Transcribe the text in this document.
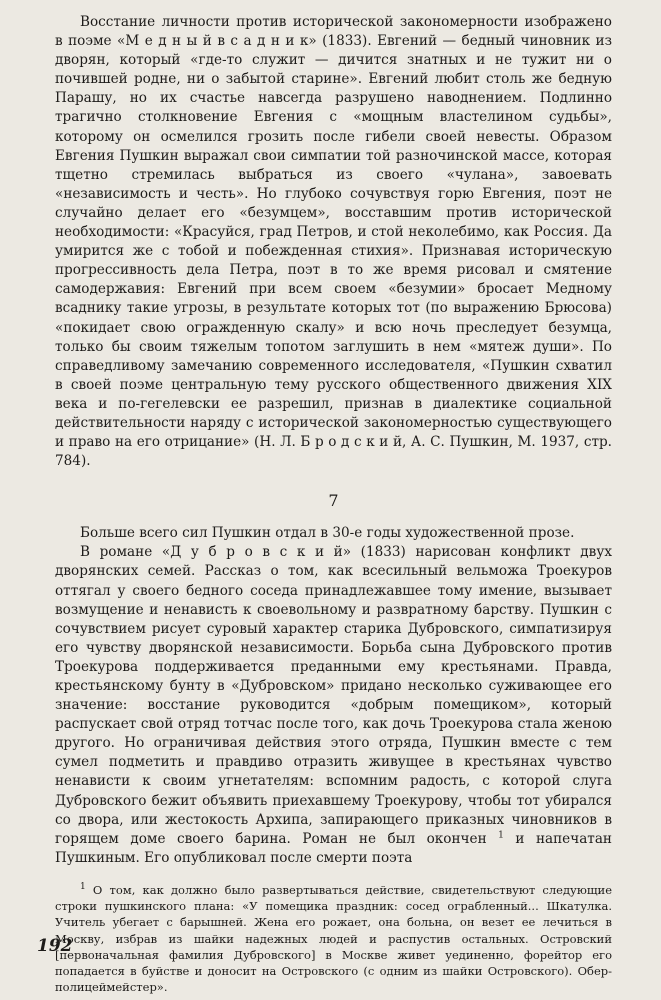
Восстание личности против исторической закономерности изображено в поэме «М е д н ы й в с а д н и к» (1833). Евгений — бедный чиновник из дворян, который «где-то служит — дичится знатных и не тужит ни о почившей родне, ни о забытой старине». Евгений любит столь же бедную Парашу, но их счастье навсегда разрушено наводнением. Подлинно трагично столкновение Евгения с «мощным властелином судьбы», которому он осмелился грозить после гибели своей невесты. Образом Евгения Пушкин выражал свои симпатии той разночинской массе, которая тщетно стремилась выбраться из своего «чулана», завоевать «независимость и честь». Но глубоко сочувствуя горю Евгения, поэт не случайно делает его «безумцем», восставшим против исторической необходимости: «Красуйся, град Петров, и стой неколебимо, как Россия. Да умирится же с тобой и побежденная стихия». Признавая историческую прогрессивность дела Петра, поэт в то же время рисовал и смятение самодержавия: Евгений при всем своем «безумии» бросает Медному всаднику такие угрозы, в результате которых тот (по выражению Брюсова) «покидает свою огражденную скалу» и всю ночь преследует безумца, только бы своим тяжелым топотом заглушить в нем «мятеж души». По справедливому замечанию современного исследователя, «Пушкин схватил в своей поэме центральную тему русского общественного движения XIX века и по-гегелевски ее разрешил, признав в диалектике социальной действительности наряду с исторической закономерностью существующего и право на его отрицание» (Н. Л. Б р о д с к и й, А. С. Пушкин, М. 1937, стр. 784).

7

Больше всего сил Пушкин отдал в 30-е годы художественной прозе.

В романе «Д у б р о в с к и й» (1833) нарисован конфликт двух дворянских семей. Рассказ о том, как всесильный вельможа Троекуров оттягал у своего бедного соседа принадлежавшее тому имение, вызывает возмущение и ненависть к своевольному и развратному барству. Пушкин с сочувствием рисует суровый характер старика Дубровского, симпатизируя его чувству дворянской независимости. Борьба сына Дубровского против Троекурова поддерживается преданными ему крестьянами. Правда, крестьянскому бунту в «Дубровском» придано несколько суживающее его значение: восстание руководится «добрым помещиком», который распускает свой отряд тотчас после того, как дочь Троекурова стала женою другого. Но ограничивая действия этого отряда, Пушкин вместе с тем сумел подметить и правдиво отразить живущее в крестьянах чувство ненависти к своим угнетателям: вспомним радость, с которой слуга Дубровского бежит объявить приехавшему Троекурову, чтобы тот убирался со двора, или жестокость Архипа, запирающего приказных чиновников в горящем доме своего барина. Роман не был окончен $^1$ и напечатан Пушкиным. Его опубликовал после смерти поэта

$^1$ О том, как должно было развертываться действие, свидетельствуют следующие строки пушкинского плана: «У помещика праздник: сосед ограбленный... Шкатулка. Учитель убегает с барышней. Жена его рожает, она больна, он везет ее лечиться в Москву, избрав из шайки надежных людей и распустив остальных. Островский [первоначальная фамилия Дубровского] в Москве живет уединенно, форейтор его попадается в буйстве и доносит на Островского (с одним из шайки Островского). Обер-полицеймейстер».

192
